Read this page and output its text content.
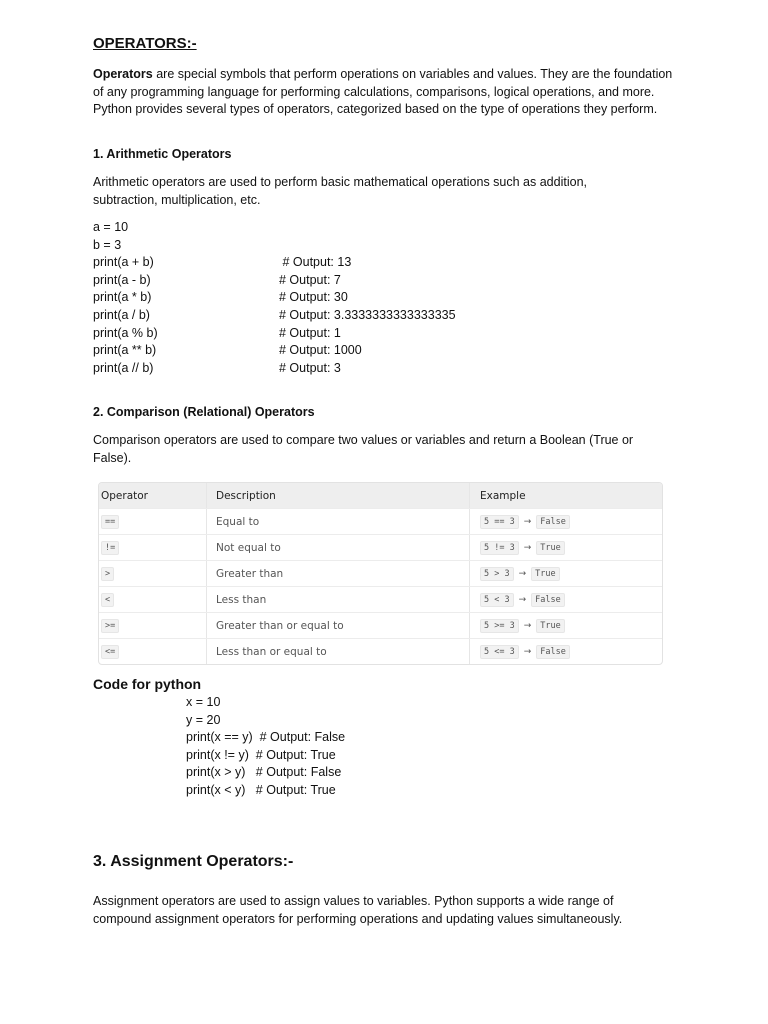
OPERATORS:-

Operators are special symbols that perform operations on variables and values. They are the foundation of any programming language for performing calculations, comparisons, logical operations, and more. Python provides several types of operators, categorized based on the type of operations they perform.

1. Arithmetic Operators

Arithmetic operators are used to perform basic mathematical operations such as addition, subtraction, multiplication, etc.

a = 10
b = 3
print(a + b)	# Output: 13
print(a - b)	# Output: 7
print(a * b)	# Output: 30
print(a / b)	# Output: 3.3333333333333335
print(a % b)	# Output: 1
print(a ** b)	# Output: 1000
print(a // b)	# Output: 3
2. Comparison (Relational) Operators

Comparison operators are used to compare two values or variables and return a Boolean (True or False).

Operator	Description	Example
==	Equal to	5 == 3	→	False
!=	Not equal to	5 != 3	→	True
>	Greater than	5 > 3	→	True
<	Less than	5 < 3	→	False
>=	Greater than or equal to	5 >= 3	→	True
<=	Less than or equal to	5 <= 3	→	False
Code for python
x = 10
y = 20
print(x == y)  # Output: False
print(x != y)  # Output: True
print(x > y)   # Output: False
print(x < y)   # Output: True
3. Assignment Operators:-

Assignment operators are used to assign values to variables. Python supports a wide range of compound assignment operators for performing operations and updating values simultaneously.
